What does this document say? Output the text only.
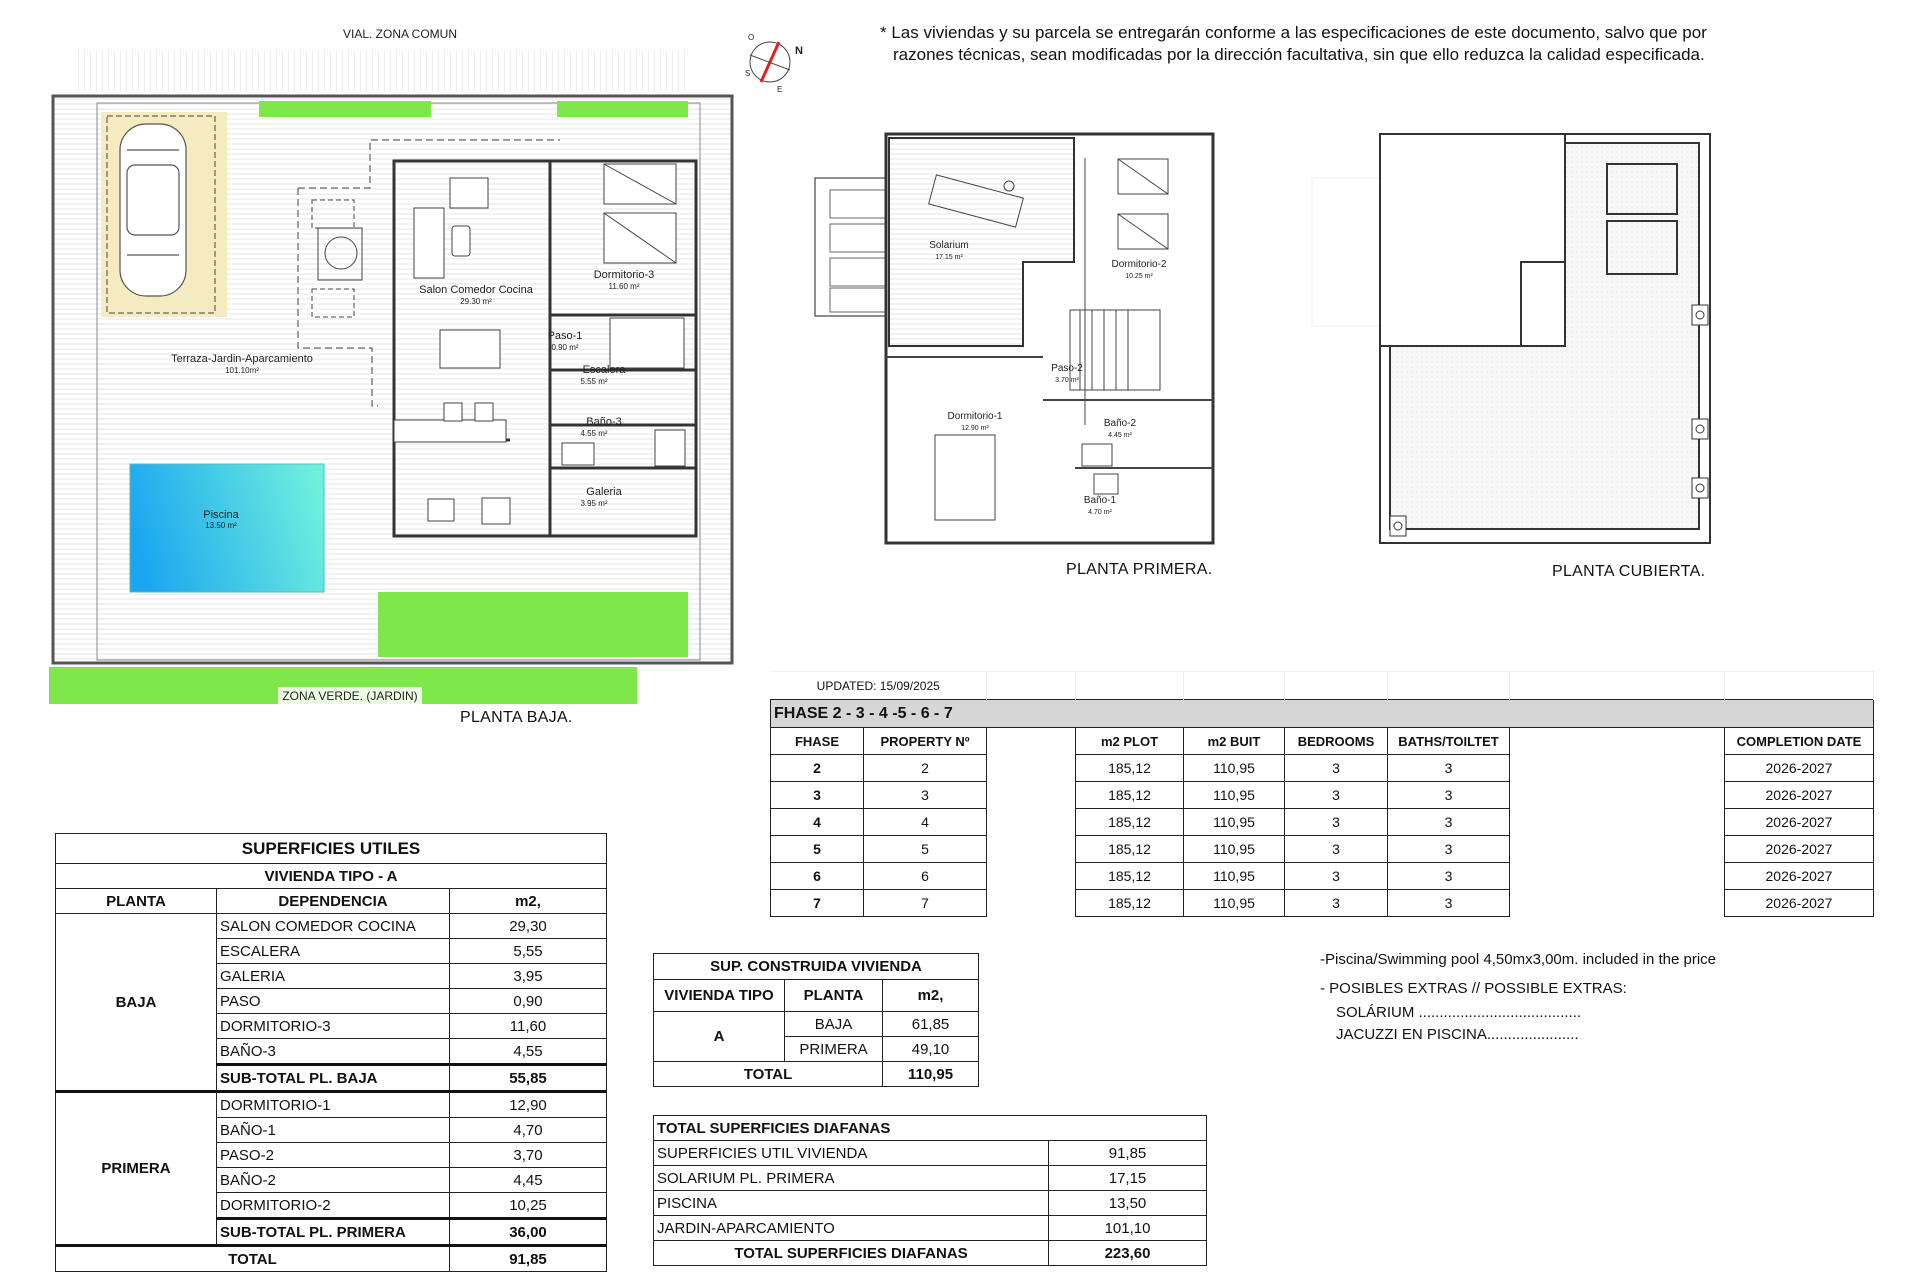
VIAL. ZONA COMUN
Terraza-Jardin-Aparcamiento
101.10m²
Piscina
13.50 m²
Salon Comedor Cocina
29.30 m²
Dormitorio-3
11.60 m²
Paso-1
0.90 m²
Escalera
5.55 m²
Baño-3
4.55 m²
Galeria
3.95 m²
ZONA VERDE. (JARDIN)
PLANTA BAJA.
N
O
S
E
* Las viviendas y su parcela se entregarán conforme a las especificaciones de este documento, salvo que por
razones técnicas, sean modificadas por la dirección facultativa, sin que ello reduzca la calidad especificada.
Solarium
17.15 m²
Dormitorio-2
10.25 m²
Paso-2
3.70 m²
Dormitorio-1
12.90 m²	Baño-2
4.45 m²
Baño-1
4.70 m²
PLANTA PRIMERA.	PLANTA CUBIERTA.
UPDATED: 15/09/2025								
FHASE 2 - 3 - 4 -5 - 6 - 7								
FHASE	PROPERTY Nº		m2 PLOT	m2 BUIT	BEDROOMS	BATHS/TOILTET		COMPLETION DATE
2	2		185,12	110,95	3	3		2026-2027
3	3		185,12	110,95	3	3		2026-2027
4	4		185,12	110,95	3	3		2026-2027
5	5		185,12	110,95	3	3		2026-2027
6	6		185,12	110,95	3	3		2026-2027
7	7		185,12	110,95	3	3		2026-2027
-Piscina/Swimming pool 4,50mx3,00m. included in the price
- POSIBLES EXTRAS // POSSIBLE EXTRAS:
SOLÁRIUM .......................................
JACUZZI EN PISCINA......................
SUPERFICIES UTILES		
VIVIENDA TIPO - A		
PLANTA	DEPENDENCIA	m2,
BAJA	SALON COMEDOR COCINA	29,30
	ESCALERA	5,55
	GALERIA	3,95
	PASO	0,90
	DORMITORIO-3	11,60
	BAÑO-3	4,55
	SUB-TOTAL PL. BAJA	55,85
PRIMERA	DORMITORIO-1	12,90
	BAÑO-1	4,70
	PASO-2	3,70
	BAÑO-2	4,45
	DORMITORIO-2	10,25
	SUB-TOTAL PL. PRIMERA	36,00
TOTAL		91,85
SUP. CONSTRUIDA VIVIENDA		
VIVIENDA TIPO	PLANTA	m2,
A	BAJA	61,85
	PRIMERA	49,10
TOTAL		110,95
TOTAL SUPERFICIES DIAFANAS	
SUPERFICIES UTIL VIVIENDA	91,85
SOLARIUM PL. PRIMERA	17,15
PISCINA	13,50
JARDIN-APARCAMIENTO	101,10
TOTAL SUPERFICIES DIAFANAS	223,60
